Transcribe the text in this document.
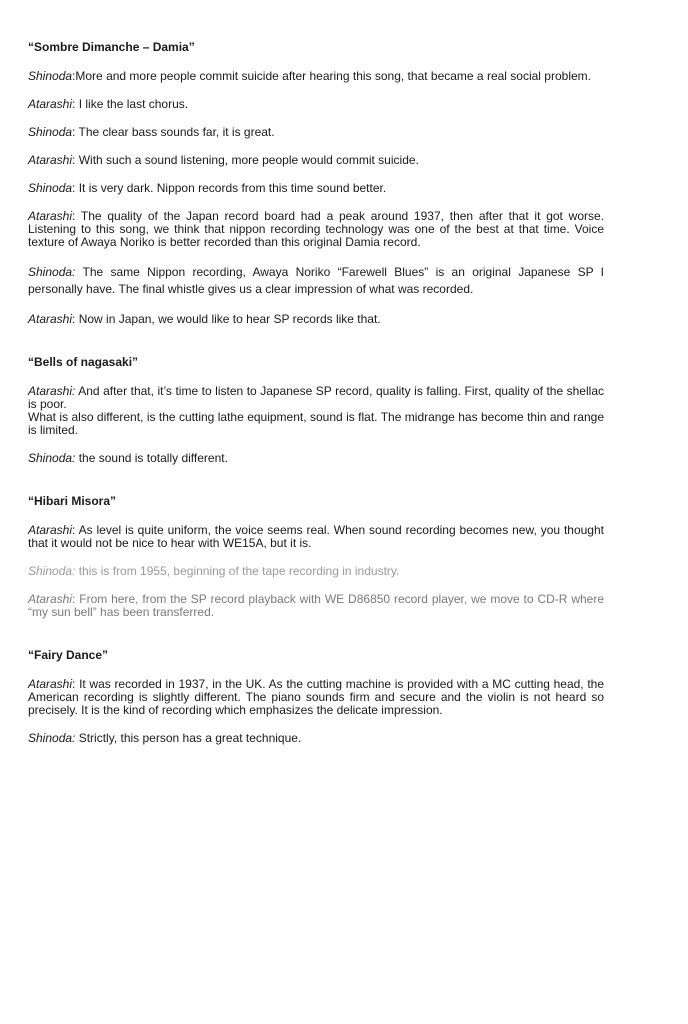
“Sombre Dimanche – Damia”

Shinoda:More and more people commit suicide after hearing this song, that became a real social problem.

Atarashi: I like the last chorus.

Shinoda: The clear bass sounds far, it is great.

Atarashi: With such a sound listening, more people would commit suicide.

Shinoda: It is very dark. Nippon records from this time sound better.

Atarashi: The quality of the Japan record board had a peak around 1937, then after that it got worse. Listening to this song, we think that nippon recording technology was one of the best at that time. Voice texture of Awaya Noriko is better recorded than this original Damia record.

Shinoda: The same Nippon recording, Awaya Noriko “Farewell Blues” is an original Japanese SP I personally have. The final whistle gives us a clear impression of what was recorded.

Atarashi: Now in Japan, we would like to hear SP records like that.

“Bells of nagasaki”

Atarashi: And after that, it’s time to listen to Japanese SP record, quality is falling. First, quality of the shellac is poor.
What is also different, is the cutting lathe equipment, sound is flat. The midrange has become thin and range is limited.

Shinoda: the sound is totally different.

“Hibari Misora”

Atarashi: As level is quite uniform, the voice seems real. When sound recording becomes new, you thought that it would not be nice to hear with WE15A, but it is.

Shinoda: this is from 1955, beginning of the tape recording in industry.

Atarashi: From here, from the SP record playback with WE D86850 record player, we move to CD-R where “my sun bell” has been transferred.

“Fairy Dance”

Atarashi: It was recorded in 1937, in the UK. As the cutting machine is provided with a MC cutting head, the American recording is slightly different. The piano sounds firm and secure and the violin is not heard so precisely. It is the kind of recording which emphasizes the delicate impression.

Shinoda: Strictly, this person has a great technique.
